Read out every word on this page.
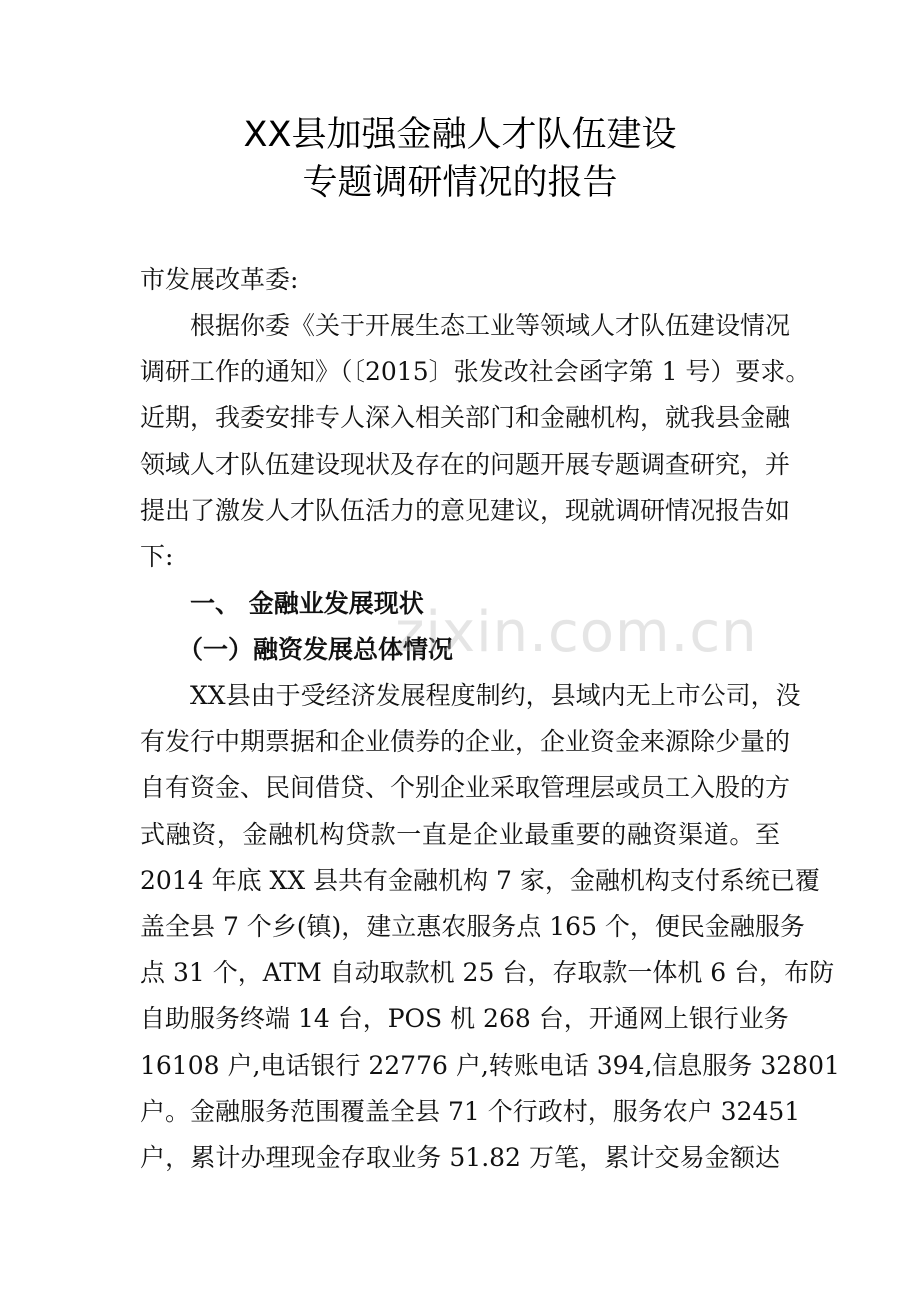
XX县加强金融人才队伍建设
专题调研情况的报告
市发展改革委:
根据你委《关于开展生态工业等领域人才队伍建设情况
调研工作的通知》（〔2015〕张发改社会函字第 1 号）要求。
近期，我委安排专人深入相关部门和金融机构，就我县金融
领域人才队伍建设现状及存在的问题开展专题调查研究，并
提出了激发人才队伍活力的意见建议，现就调研情况报告如
下:
一、 金融业发展现状
（一）融资发展总体情况
XX县由于受经济发展程度制约，县域内无上市公司，没
有发行中期票据和企业债券的企业，企业资金来源除少量的
自有资金、民间借贷、个别企业采取管理层或员工入股的方
式融资，金融机构贷款一直是企业最重要的融资渠道。至
2014 年底 XX 县共有金融机构 7 家，金融机构支付系统已覆
盖全县 7 个乡(镇)，建立惠农服务点 165 个，便民金融服务
点 31 个，ATM 自动取款机 25 台，存取款一体机 6 台，布防
自助服务终端 14 台，POS 机 268 台，开通网上银行业务
16108 户,电话银行 22776 户,转账电话 394,信息服务 32801
户。金融服务范围覆盖全县 71 个行政村，服务农户 32451
户，累计办理现金存取业务 51.82 万笔，累计交易金额达
zixin.com.cn
